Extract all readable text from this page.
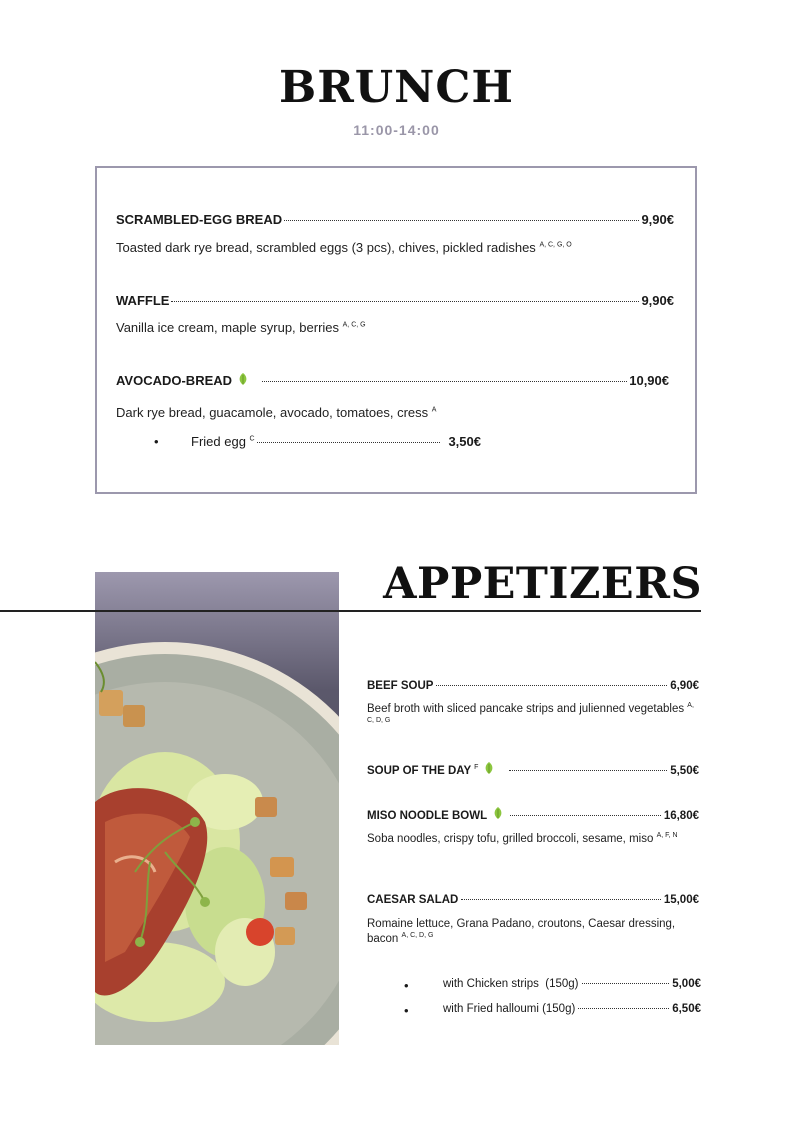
BRUNCH
11:00-14:00
SCRAMBLED-EGG BREAD	9,90€
Toasted dark rye bread, scrambled eggs (3 pcs), chives, pickled radishes $^{A, C, G, O}$
WAFFLE	9,90€
Vanilla ice cream, maple syrup, berries $^{A, C, G}$
AVOCADO-BREAD	10,90€
Dark rye bread, guacamole, avocado, tomatoes, cress $^A$
• Fried egg $^C$	3,50€
APPETIZERS
BEEF SOUP	6,90€
Beef broth with sliced pancake strips and julienned vegetables $^{A, C, D, G}$
SOUP OF THE DAY $^F$	5,50€
MISO NOODLE BOWL	16,80€
Soba noodles, crispy tofu, grilled broccoli, sesame, miso $^{A, F, N}$
CAESAR SALAD	15,00€
Romaine lettuce, Grana Padano, croutons, Caesar dressing, bacon $^{A, C, D, G}$
•	with Chicken strips  (150g)	5,00€
•	with Fried halloumi (150g)	6,50€
